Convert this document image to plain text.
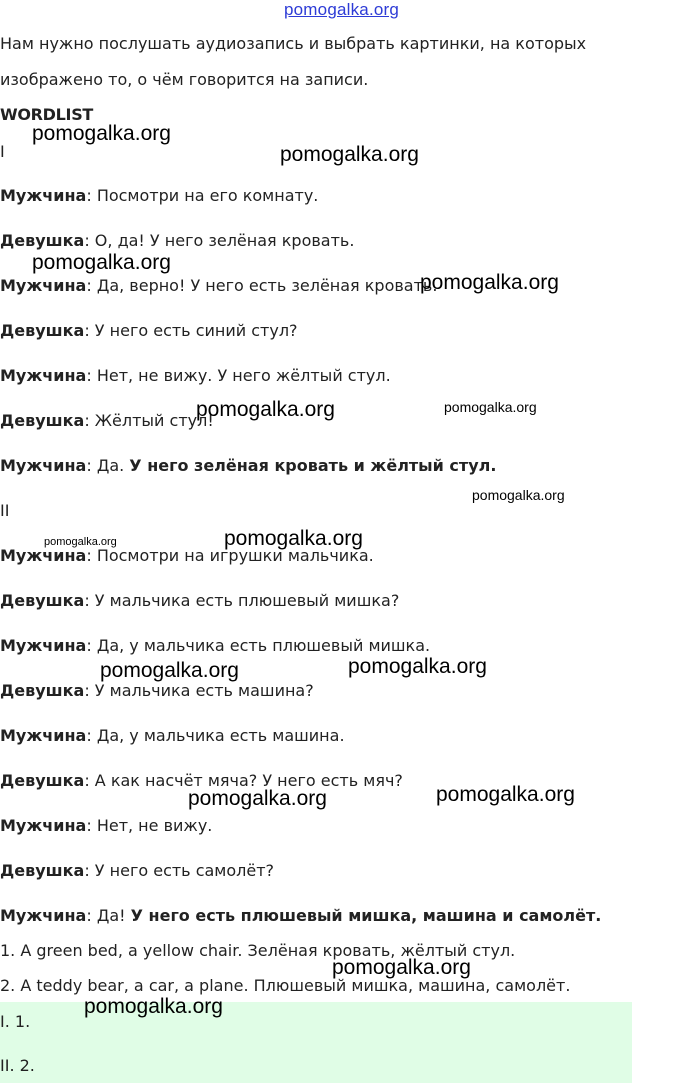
pomogalka.org

Нам нужно послушать аудиозапись и выбрать картинки, на которых

изображено то, о чём говорится на записи.

WORDLIST

I

Мужчина: Посмотри на его комнату.

Девушка: О, да! У него зелёная кровать.

Мужчина: Да, верно! У него есть зелёная кровать.

Девушка: У него есть синий стул?

Мужчина: Нет, не вижу. У него жёлтый стул.

Девушка: Жёлтый стул!

Мужчина: Да. У него зелёная кровать и жёлтый стул.

II

Мужчина: Посмотри на игрушки мальчика.

Девушка: У мальчика есть плюшевый мишка?

Мужчина: Да, у мальчика есть плюшевый мишка.

Девушка: У мальчика есть машина?

Мужчина: Да, у мальчика есть машина.

Девушка: А как насчёт мяча? У него есть мяч?

Мужчина: Нет, не вижу.

Девушка: У него есть самолёт?

Мужчина: Да! У него есть плюшевый мишка, машина и самолёт.

1. A green bed, a yellow chair. Зелёная кровать, жёлтый стул.

2. A teddy bear, a car, a plane. Плюшевый мишка, машина, самолёт.

I. 1.

II. 2.

pomogalka.org
pomogalka.org
pomogalka.org
pomogalka.org
pomogalka.org	pomogalka.org
pomogalka.org
pomogalka.org	pomogalka.org
pomogalka.org	pomogalka.org
pomogalka.org	pomogalka.org
pomogalka.org
pomogalka.org
